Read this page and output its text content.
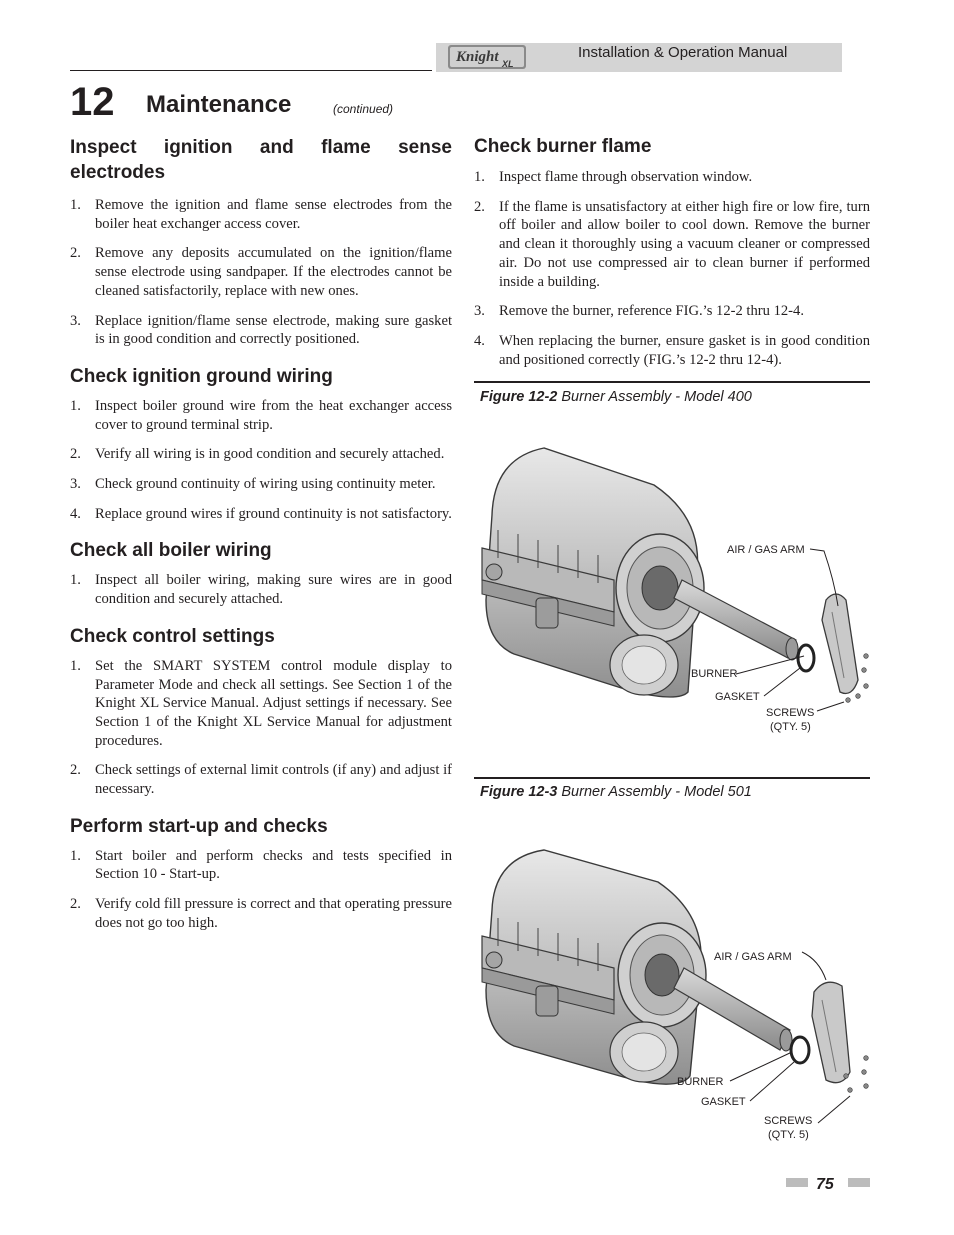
Knight XL
Installation & Operation Manual
12 Maintenance	(continued)
Inspect ignition and flame sense electrodes
1. Remove the ignition and flame sense electrodes from the boiler heat exchanger access cover.
2. Remove any deposits accumulated on the ignition/flame sense electrode using sandpaper. If the electrodes cannot be cleaned satisfactorily, replace with new ones.
3. Replace ignition/flame sense electrode, making sure gasket is in good condition and correctly positioned.
Check ignition ground wiring
1. Inspect boiler ground wire from the heat exchanger access cover to ground terminal strip.
2. Verify all wiring is in good condition and securely attached.
3. Check ground continuity of wiring using continuity meter.
4. Replace ground wires if ground continuity is not satisfactory.
Check all boiler wiring
1. Inspect all boiler wiring, making sure wires are in good condition and securely attached.
Check control settings
1. Set the SMART SYSTEM control module display to Parameter Mode and check all settings. See Section 1 of the Knight XL Service Manual. Adjust settings if necessary. See Section 1 of the Knight XL Service Manual for adjustment procedures.
2. Check settings of external limit controls (if any) and adjust if necessary.
Perform start-up and checks
1. Start boiler and perform checks and tests specified in Section 10 - Start-up.
2. Verify cold fill pressure is correct and that operating pressure does not go too high.
Check burner flame
1. Inspect flame through observation window.
2. If the flame is unsatisfactory at either high fire or low fire, turn off boiler and allow boiler to cool down. Remove the burner and clean it thoroughly using a vacuum cleaner or compressed air. Do not use compressed air to clean burner if performed inside a building.
3. Remove the burner, reference FIG.’s 12-2 thru 12-4.
4. When replacing the burner, ensure gasket is in good condition and positioned correctly (FIG.’s 12-2 thru 12-4).
Figure 12-2 Burner Assembly - Model 400
AIR / GAS ARM
BURNER
GASKET
SCREWS
(QTY. 5)
Figure 12-3 Burner Assembly - Model 501
AIR / GAS ARM
BURNER
GASKET
SCREWS
(QTY. 5)
75
